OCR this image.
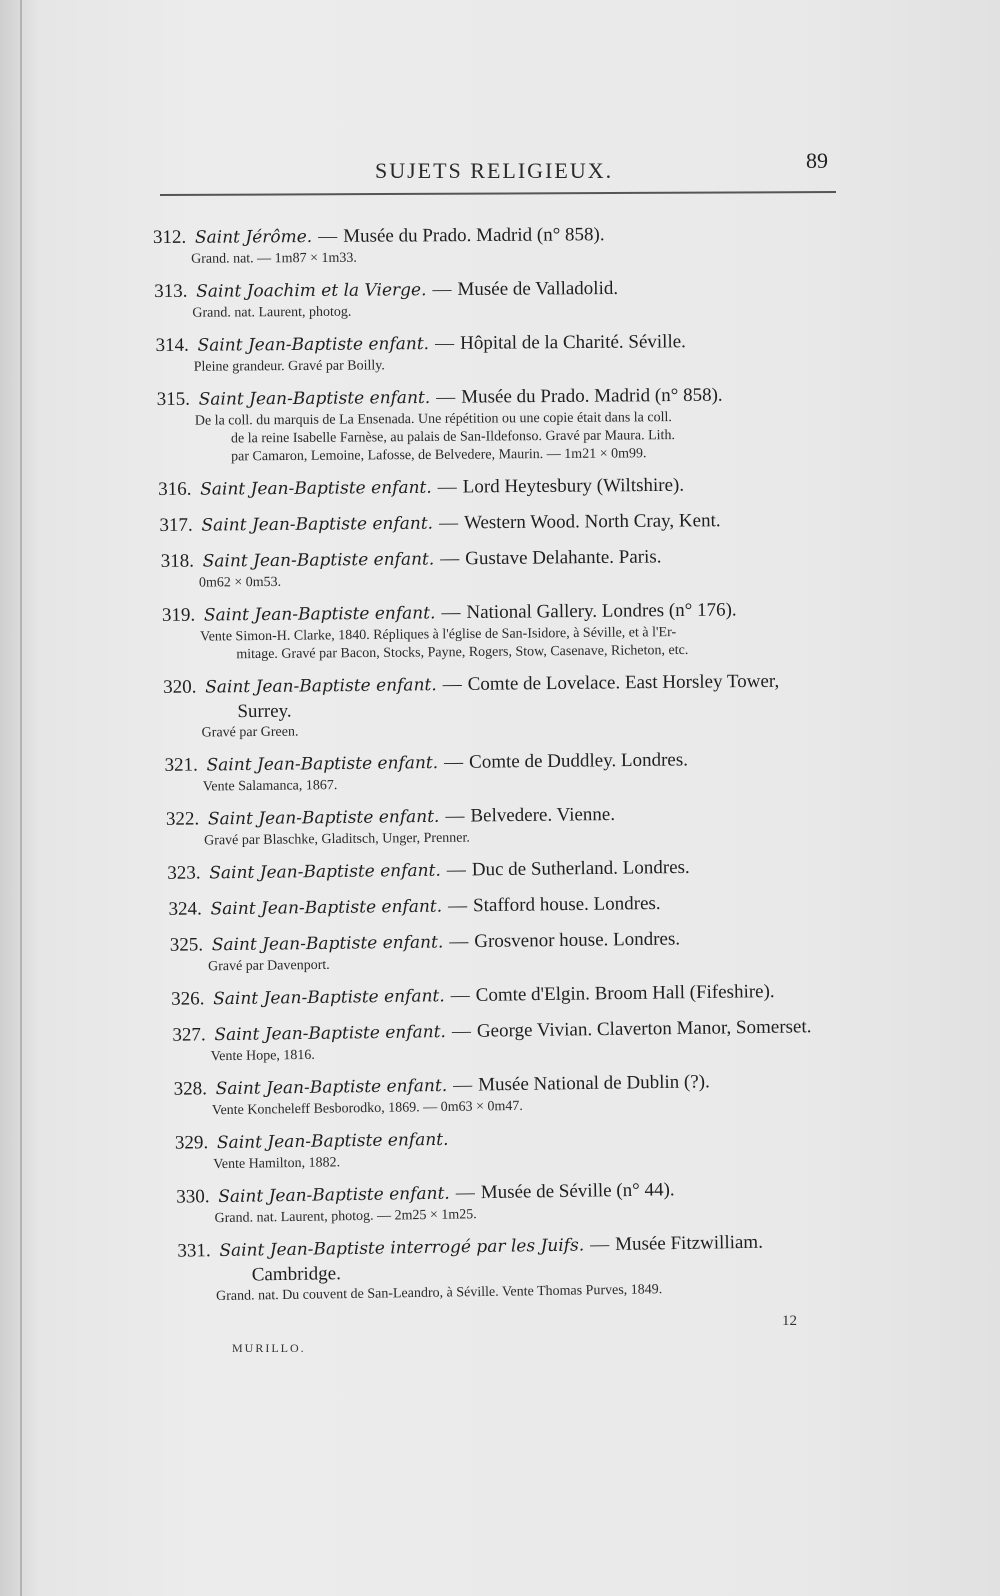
SUJETS RELIGIEUX.	89
312. Saint Jérôme. — Musée du Prado. Madrid (n° 858).
Grand. nat. — 1m87 × 1m33.
313. Saint Joachim et la Vierge. — Musée de Valladolid.
Grand. nat. Laurent, photog.
314. Saint Jean-Baptiste enfant. — Hôpital de la Charité. Séville.
Pleine grandeur. Gravé par Boilly.
315. Saint Jean-Baptiste enfant. — Musée du Prado. Madrid (n° 858).
De la coll. du marquis de La Ensenada. Une répétition ou une copie était dans la coll.
de la reine Isabelle Farnèse, au palais de San-Ildefonso. Gravé par Maura. Lith.
par Camaron, Lemoine, Lafosse, de Belvedere, Maurin. — 1m21 × 0m99.
316. Saint Jean-Baptiste enfant. — Lord Heytesbury (Wiltshire).
317. Saint Jean-Baptiste enfant. — Western Wood. North Cray, Kent.
318. Saint Jean-Baptiste enfant. — Gustave Delahante. Paris.
0m62 × 0m53.
319. Saint Jean-Baptiste enfant. — National Gallery. Londres (n° 176).
Vente Simon-H. Clarke, 1840. Répliques à l'église de San-Isidore, à Séville, et à l'Er-
mitage. Gravé par Bacon, Stocks, Payne, Rogers, Stow, Casenave, Richeton, etc.
320. Saint Jean-Baptiste enfant. — Comte de Lovelace. East Horsley Tower,
Surrey.
Gravé par Green.
321. Saint Jean-Baptiste enfant. — Comte de Duddley. Londres.
Vente Salamanca, 1867.
322. Saint Jean-Baptiste enfant. — Belvedere. Vienne.
Gravé par Blaschke, Gladitsch, Unger, Prenner.
323. Saint Jean-Baptiste enfant. — Duc de Sutherland. Londres.
324. Saint Jean-Baptiste enfant. — Stafford house. Londres.
325. Saint Jean-Baptiste enfant. — Grosvenor house. Londres.
Gravé par Davenport.
326. Saint Jean-Baptiste enfant. — Comte d'Elgin. Broom Hall (Fifeshire).
327. Saint Jean-Baptiste enfant. — George Vivian. Claverton Manor, Somerset.
Vente Hope, 1816.
328. Saint Jean-Baptiste enfant. — Musée National de Dublin (?).
Vente Koncheleff Besborodko, 1869. — 0m63 × 0m47.
329. Saint Jean-Baptiste enfant.
Vente Hamilton, 1882.
330. Saint Jean-Baptiste enfant. — Musée de Séville (n° 44).
Grand. nat. Laurent, photog. — 2m25 × 1m25.
331. Saint Jean-Baptiste interrogé par les Juifs. — Musée Fitzwilliam.
Cambridge.
Grand. nat. Du couvent de San-Leandro, à Séville. Vente Thomas Purves, 1849.
MURILLO.
12
